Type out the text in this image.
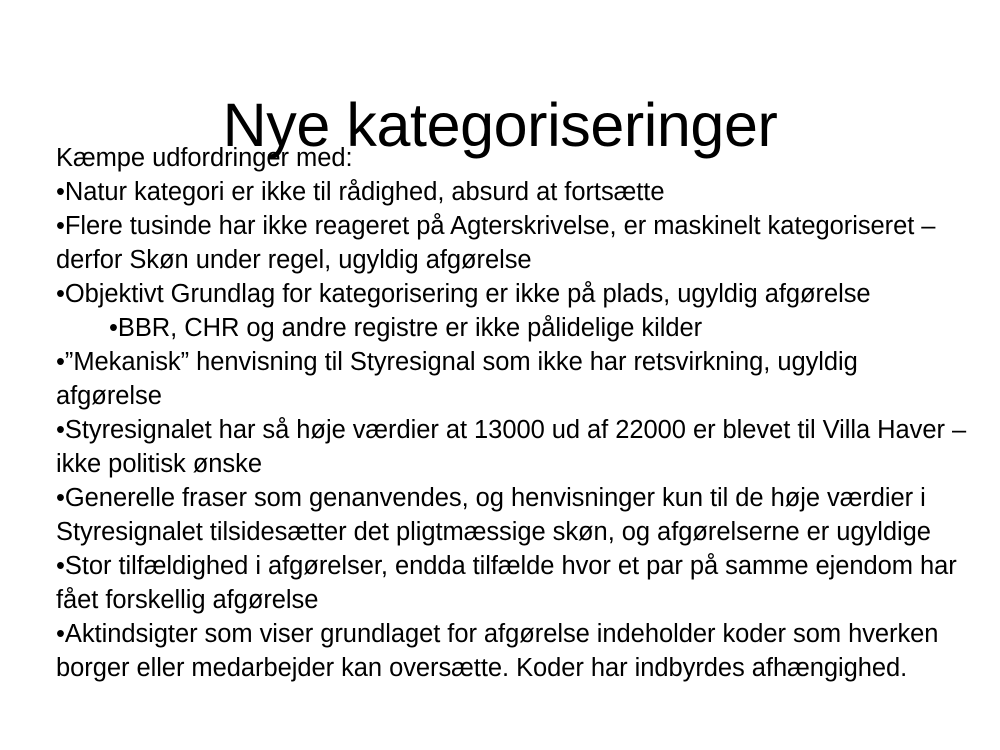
Nye kategoriseringer

Kæmpe udfordringer med:

•Natur kategori er ikke til rådighed, absurd at fortsætte

•Flere tusinde har ikke reageret på Agterskrivelse, er maskinelt kategoriseret – derfor Skøn under regel, ugyldig afgørelse

•Objektivt Grundlag for kategorisering er ikke på plads, ugyldig afgørelse

•BBR, CHR og andre registre er ikke pålidelige kilder

•”Mekanisk” henvisning til Styresignal som ikke har retsvirkning, ugyldig afgørelse

•Styresignalet har så høje værdier at 13000 ud af 22000 er blevet til Villa Haver – ikke politisk ønske

•Generelle fraser som genanvendes, og henvisninger kun til de høje værdier i Styresignalet tilsidesætter det pligtmæssige skøn, og afgørelserne er ugyldige

•Stor tilfældighed i afgørelser, endda tilfælde hvor et par på samme ejendom har fået forskellig afgørelse

•Aktindsigter som viser grundlaget for afgørelse indeholder koder som hverken borger eller medarbejder kan oversætte. Koder har indbyrdes afhængighed.
